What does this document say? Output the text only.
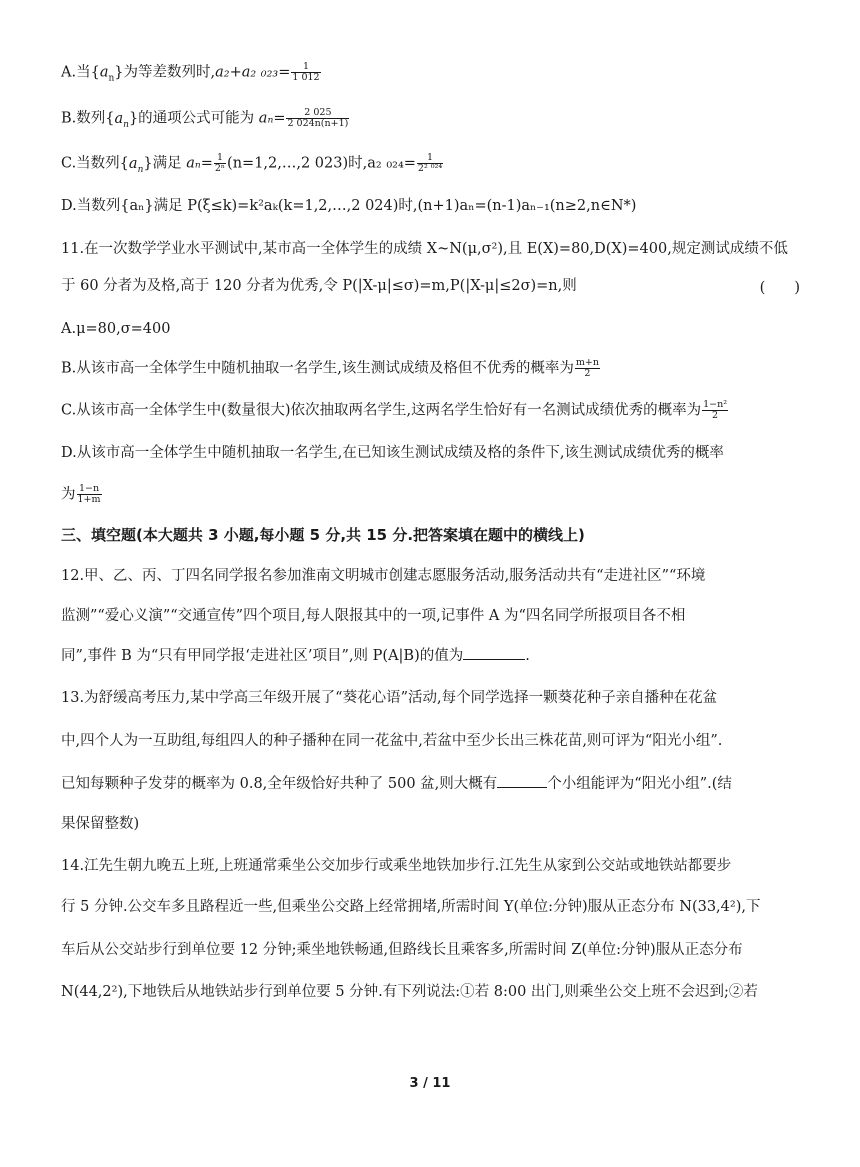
A.当$\{a_n\}$为等差数列时,a₂+a₂ $_{023}= \frac{1}{1 012}$
B.数列$\{a_n\}$的通项公式可能为 $a_n= \frac{2 025}{2 024n(n+1)}$
C.当数列$\{a_n\}$满足 $a_n= \frac{1}{\text{2ⁿ}}$ (n=1,2,…,2 023)时,a₂ $_{024}= \frac{1}{\text{2² ⁰²⁴}}$
D.当数列{aₙ}满足 P(ξ≤k)=k²aₖ(k=1,2,…,2 024)时,(n+1)aₙ=(n-1)aₙ₋₁(n≥2,n∈N*)
11.在一次数学学业水平测试中,某市高一全体学生的成绩 X~N(μ,σ²),且 E(X)=80,D(X)=400,规定测试成绩不低
于 60 分者为及格,高于 120 分者为优秀,令 P(|X-μ|≤σ)=m,P(|X-μ|≤2σ)=n,则	(　　)
A.μ=80,σ=400
B.从该市高一全体学生中随机抽取一名学生,该生测试成绩及格但不优秀的概率为 $\frac{m+n}{2}$
C.从该市高一全体学生中(数量很大)依次抽取两名学生,这两名学生恰好有一名测试成绩优秀的概率为 $\frac{\text{1−n²}}{2}$
D.从该市高一全体学生中随机抽取一名学生,在已知该生测试成绩及格的条件下,该生测试成绩优秀的概率
为 $\frac{1-n}{1+m}$
三、填空题(本大题共 3 小题,每小题 5 分,共 15 分.把答案填在题中的横线上)
12.甲、乙、丙、丁四名同学报名参加淮南文明城市创建志愿服务活动,服务活动共有“走进社区”“环境
监测”“爱心义演”“交通宣传”四个项目,每人限报其中的一项,记事件 A 为“四名同学所报项目各不相
同”,事件 B 为“只有甲同学报‘走进社区’项目”,则 P(A|B)的值为	.
13.为舒缓高考压力,某中学高三年级开展了“葵花心语”活动,每个同学选择一颗葵花种子亲自播种在花盆
中,四个人为一互助组,每组四人的种子播种在同一花盆中,若盆中至少长出三株花苗,则可评为“阳光小组”.
已知每颗种子发芽的概率为 0.8,全年级恰好共种了 500 盆,则大概有	个小组能评为“阳光小组”.(结
果保留整数)
14.江先生朝九晚五上班,上班通常乘坐公交加步行或乘坐地铁加步行.江先生从家到公交站或地铁站都要步
行 5 分钟.公交车多且路程近一些,但乘坐公交路上经常拥堵,所需时间 Y(单位:分钟)服从正态分布 N(33,4²),下
车后从公交站步行到单位要 12 分钟;乘坐地铁畅通,但路线长且乘客多,所需时间 Z(单位:分钟)服从正态分布
N(44,2²),下地铁后从地铁站步行到单位要 5 分钟.有下列说法:①若 8:00 出门,则乘坐公交上班不会迟到;②若
3 / 11
